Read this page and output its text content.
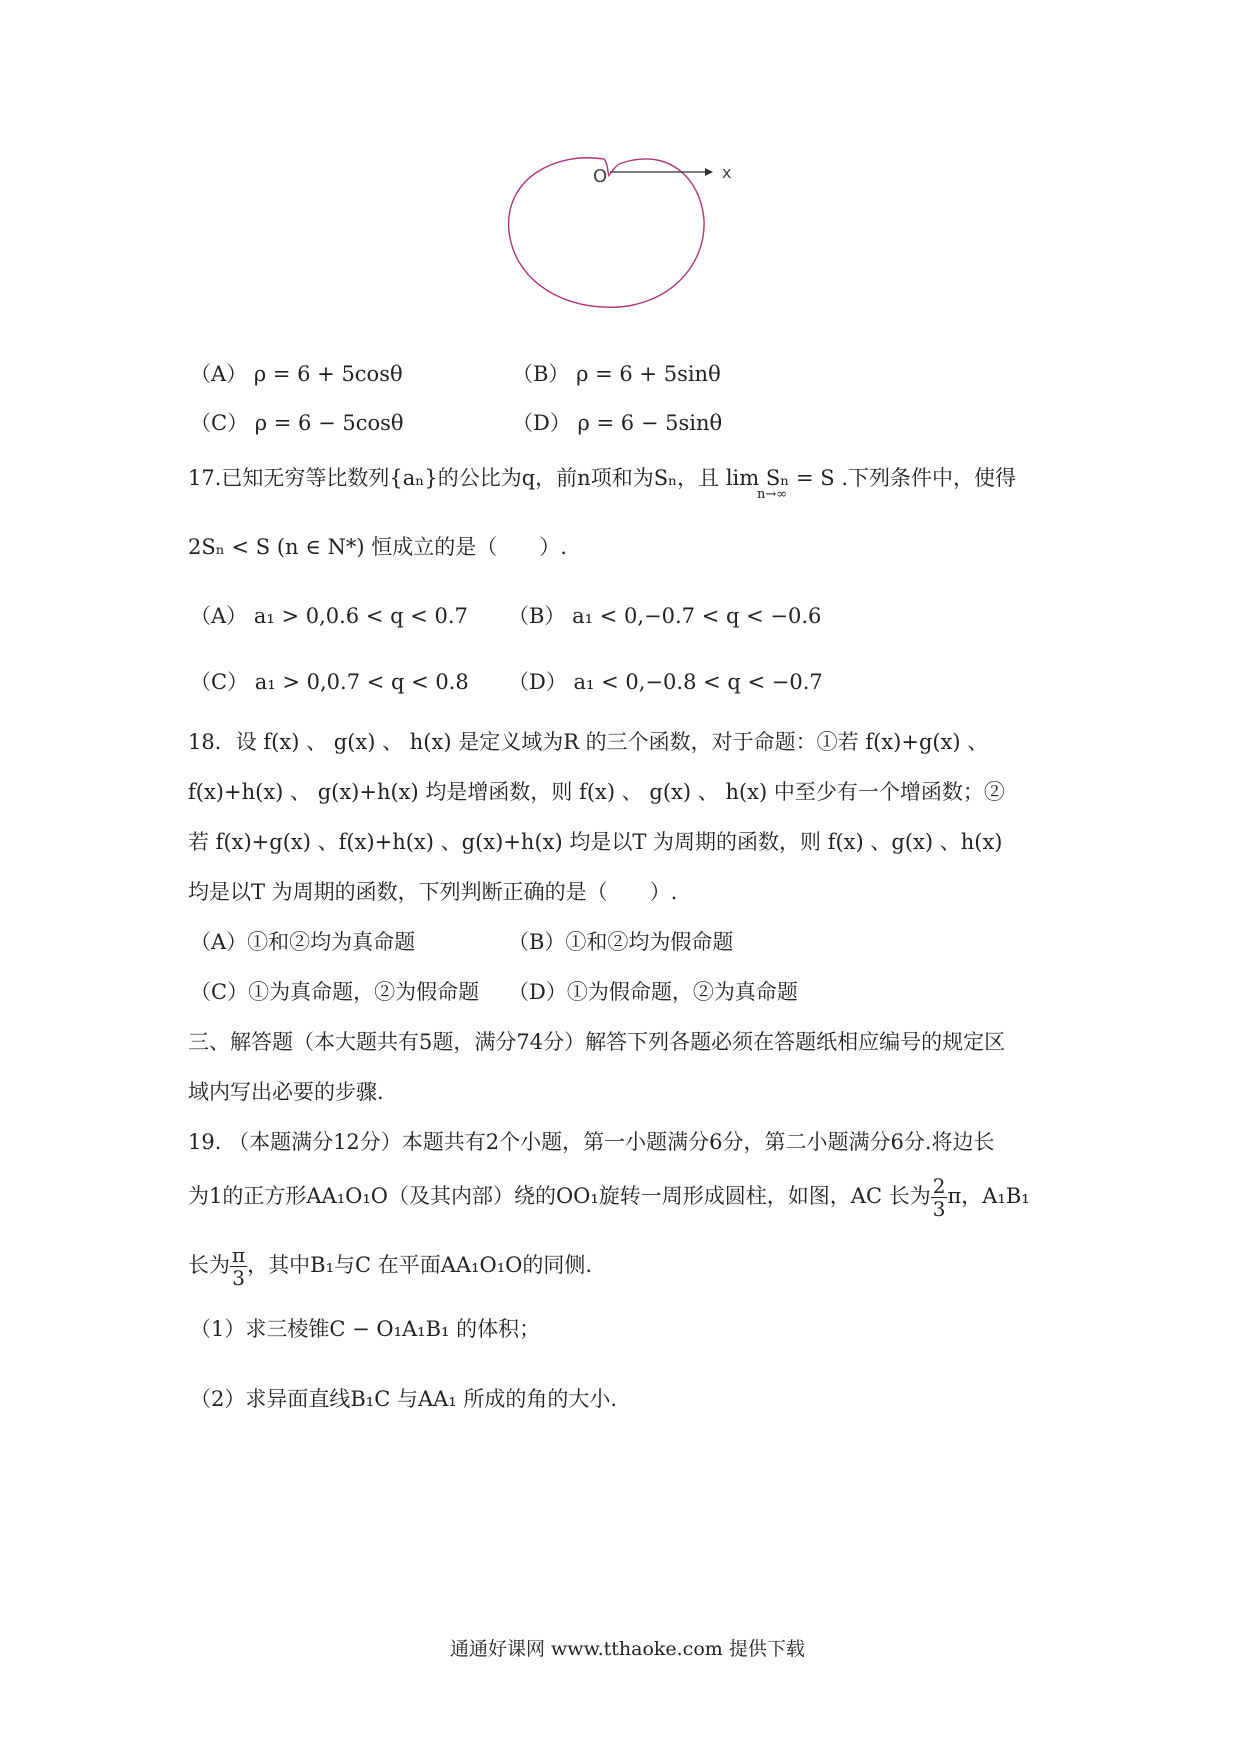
O	x
（A） ρ = 6 + 5cosθ	（B） ρ = 6 + 5sinθ
（C） ρ = 6 − 5cosθ	（D） ρ = 6 − 5sinθ
17.已知无穷等比数列{aₙ}的公比为q，前n项和为Sₙ，且 lim Sₙ = S .下列条件中，使得
n→∞
2Sₙ < S (n ∈ N*) 恒成立的是（　　）.
（A） a₁ > 0,0.6 < q < 0.7 （B） a₁ < 0,−0.7 < q < −0.6
（C） a₁ > 0,0.7 < q < 0.8 （D） a₁ < 0,−0.8 < q < −0.7
18．设 f(x) 、 g(x) 、 h(x) 是定义域为R 的三个函数，对于命题：①若 f(x)+g(x) 、
f(x)+h(x) 、 g(x)+h(x) 均是增函数，则 f(x) 、 g(x) 、 h(x) 中至少有一个增函数；②
若 f(x)+g(x) 、f(x)+h(x) 、g(x)+h(x) 均是以T 为周期的函数，则 f(x) 、g(x) 、h(x)
均是以T 为周期的函数，下列判断正确的是（　　）.
（A）①和②均为真命题	（B）①和②均为假命题
（C）①为真命题，②为假命题 （D）①为假命题，②为真命题
三、解答题（本大题共有5题，满分74分）解答下列各题必须在答题纸相应编号的规定区
域内写出必要的步骤.
19. （本题满分12分）本题共有2个小题，第一小题满分6分，第二小题满分6分.将边长
为1的正方形AA₁O₁O（及其内部）绕的OO₁旋转一周形成圆柱，如图，AC 长为 $\frac{2}{3}$ π，A₁B₁
长为 $\frac{\pi}{3}$ ，其中B₁与C 在平面AA₁O₁O的同侧.
（1）求三棱锥C − O₁A₁B₁ 的体积；
（2）求异面直线B₁C 与AA₁ 所成的角的大小.
通通好课网 www.tthaoke.com 提供下载
